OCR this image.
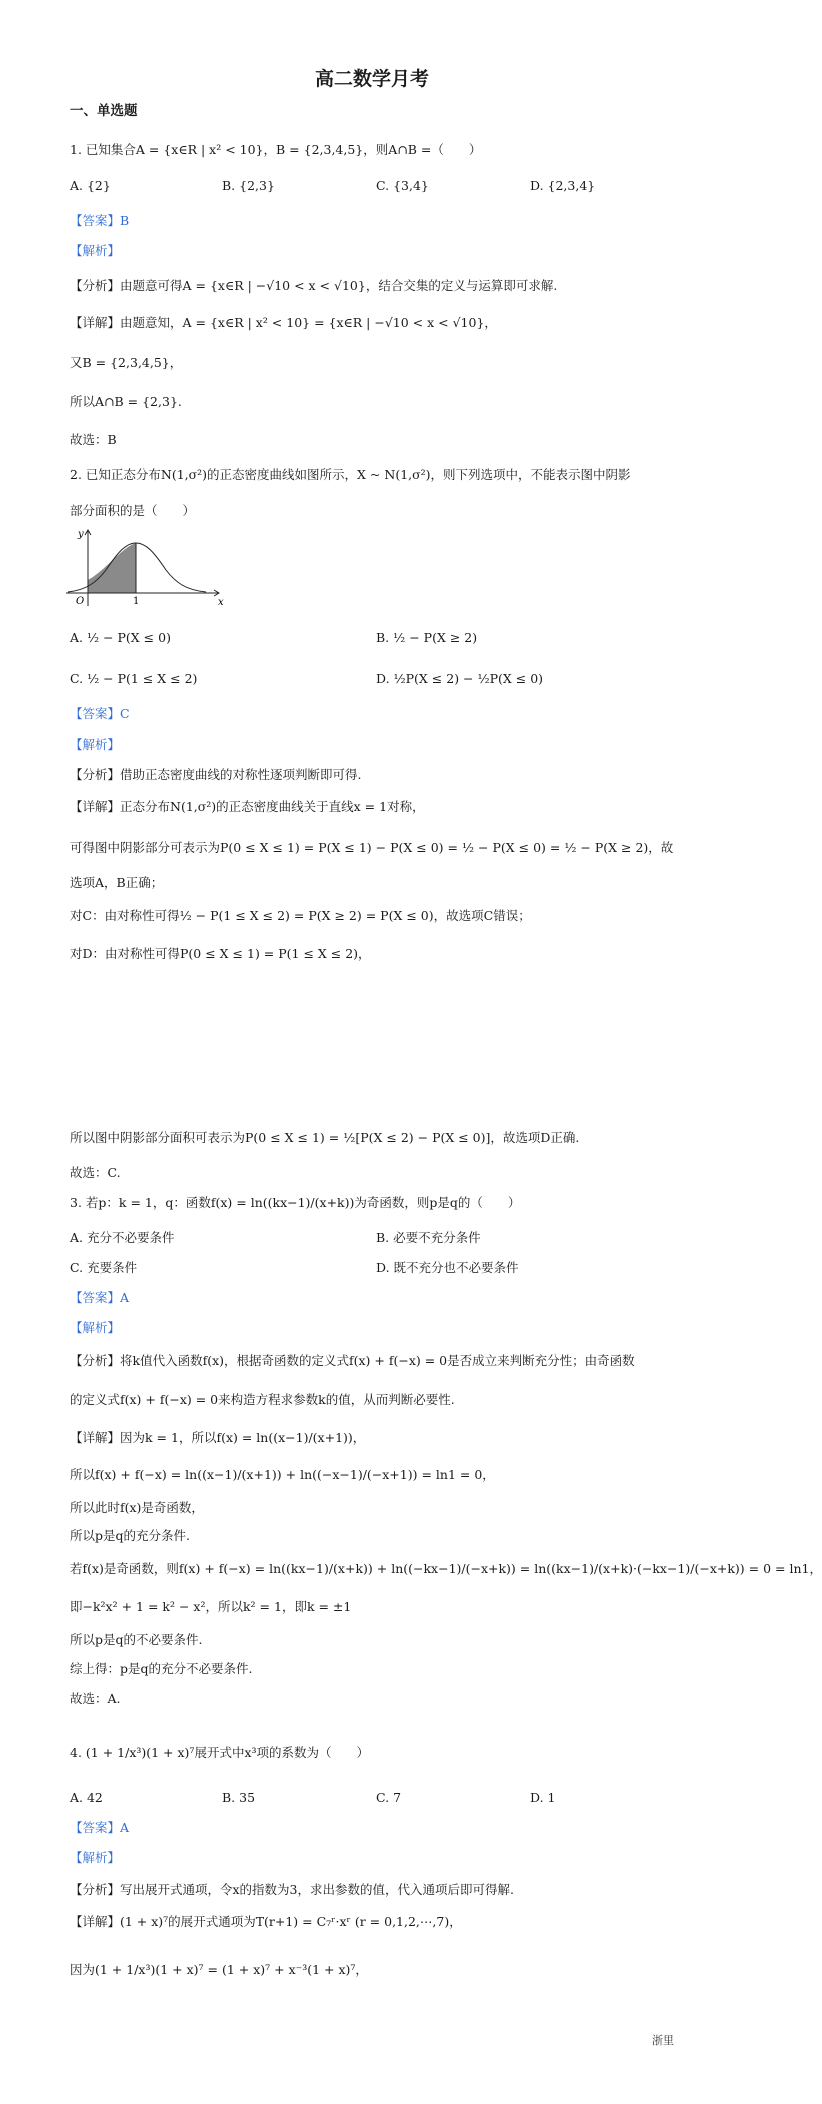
高二数学月考
一、单选题
1. 已知集合A = {x∈R | x² < 10}，B = {2,3,4,5}，则A∩B =（　　）
A. {2}	B. {2,3}	C. {3,4}	D. {2,3,4}
【答案】B
【解析】
【分析】由题意可得A = {x∈R | −√10 < x < √10}，结合交集的定义与运算即可求解.
【详解】由题意知，A = {x∈R | x² < 10} = {x∈R | −√10 < x < √10}，
又B = {2,3,4,5}，
所以A∩B = {2,3}.
故选：B
2. 已知正态分布N(1,σ²)的正态密度曲线如图所示，X ~ N(1,σ²)，则下列选项中，不能表示图中阴影
部分面积的是（　　）
y
x
O	1
A. ½ − P(X ≤ 0)	B. ½ − P(X ≥ 2)
C. ½ − P(1 ≤ X ≤ 2)	D. ½P(X ≤ 2) − ½P(X ≤ 0)
【答案】C
【解析】
【分析】借助正态密度曲线的对称性逐项判断即可得.
【详解】正态分布N(1,σ²)的正态密度曲线关于直线x = 1对称，
可得图中阴影部分可表示为P(0 ≤ X ≤ 1) = P(X ≤ 1) − P(X ≤ 0) = ½ − P(X ≤ 0) = ½ − P(X ≥ 2)，故
选项A，B正确；
对C：由对称性可得½ − P(1 ≤ X ≤ 2) = P(X ≥ 2) = P(X ≤ 0)，故选项C错误；
对D：由对称性可得P(0 ≤ X ≤ 1) = P(1 ≤ X ≤ 2)，
所以图中阴影部分面积可表示为P(0 ≤ X ≤ 1) = ½[P(X ≤ 2) − P(X ≤ 0)]，故选项D正确.
故选：C.
3. 若p：k = 1，q：函数f(x) = ln((kx−1)/(x+k))为奇函数，则p是q的（　　）
A. 充分不必要条件	B. 必要不充分条件
C. 充要条件	D. 既不充分也不必要条件
【答案】A
【解析】
【分析】将k值代入函数f(x)，根据奇函数的定义式f(x) + f(−x) = 0是否成立来判断充分性；由奇函数
的定义式f(x) + f(−x) = 0来构造方程求参数k的值，从而判断必要性.
【详解】因为k = 1，所以f(x) = ln((x−1)/(x+1))，
所以f(x) + f(−x) = ln((x−1)/(x+1)) + ln((−x−1)/(−x+1)) = ln1 = 0，
所以此时f(x)是奇函数，
所以p是q的充分条件.
若f(x)是奇函数，则f(x) + f(−x) = ln((kx−1)/(x+k)) + ln((−kx−1)/(−x+k)) = ln((kx−1)/(x+k)·(−kx−1)/(−x+k)) = 0 = ln1，
即−k²x² + 1 = k² − x²，所以k² = 1，即k = ±1
所以p是q的不必要条件.
综上得：p是q的充分不必要条件.
故选：A.
4. (1 + 1/x³)(1 + x)⁷展开式中x³项的系数为（　　）
A. 42	B. 35	C. 7	D. 1
【答案】A
【解析】
【分析】写出展开式通项，令x的指数为3，求出参数的值，代入通项后即可得解.
【详解】(1 + x)⁷的展开式通项为T(r+1) = C₇ʳ·xʳ (r = 0,1,2,⋯,7)，
因为(1 + 1/x³)(1 + x)⁷ = (1 + x)⁷ + x⁻³(1 + x)⁷，
浙里
